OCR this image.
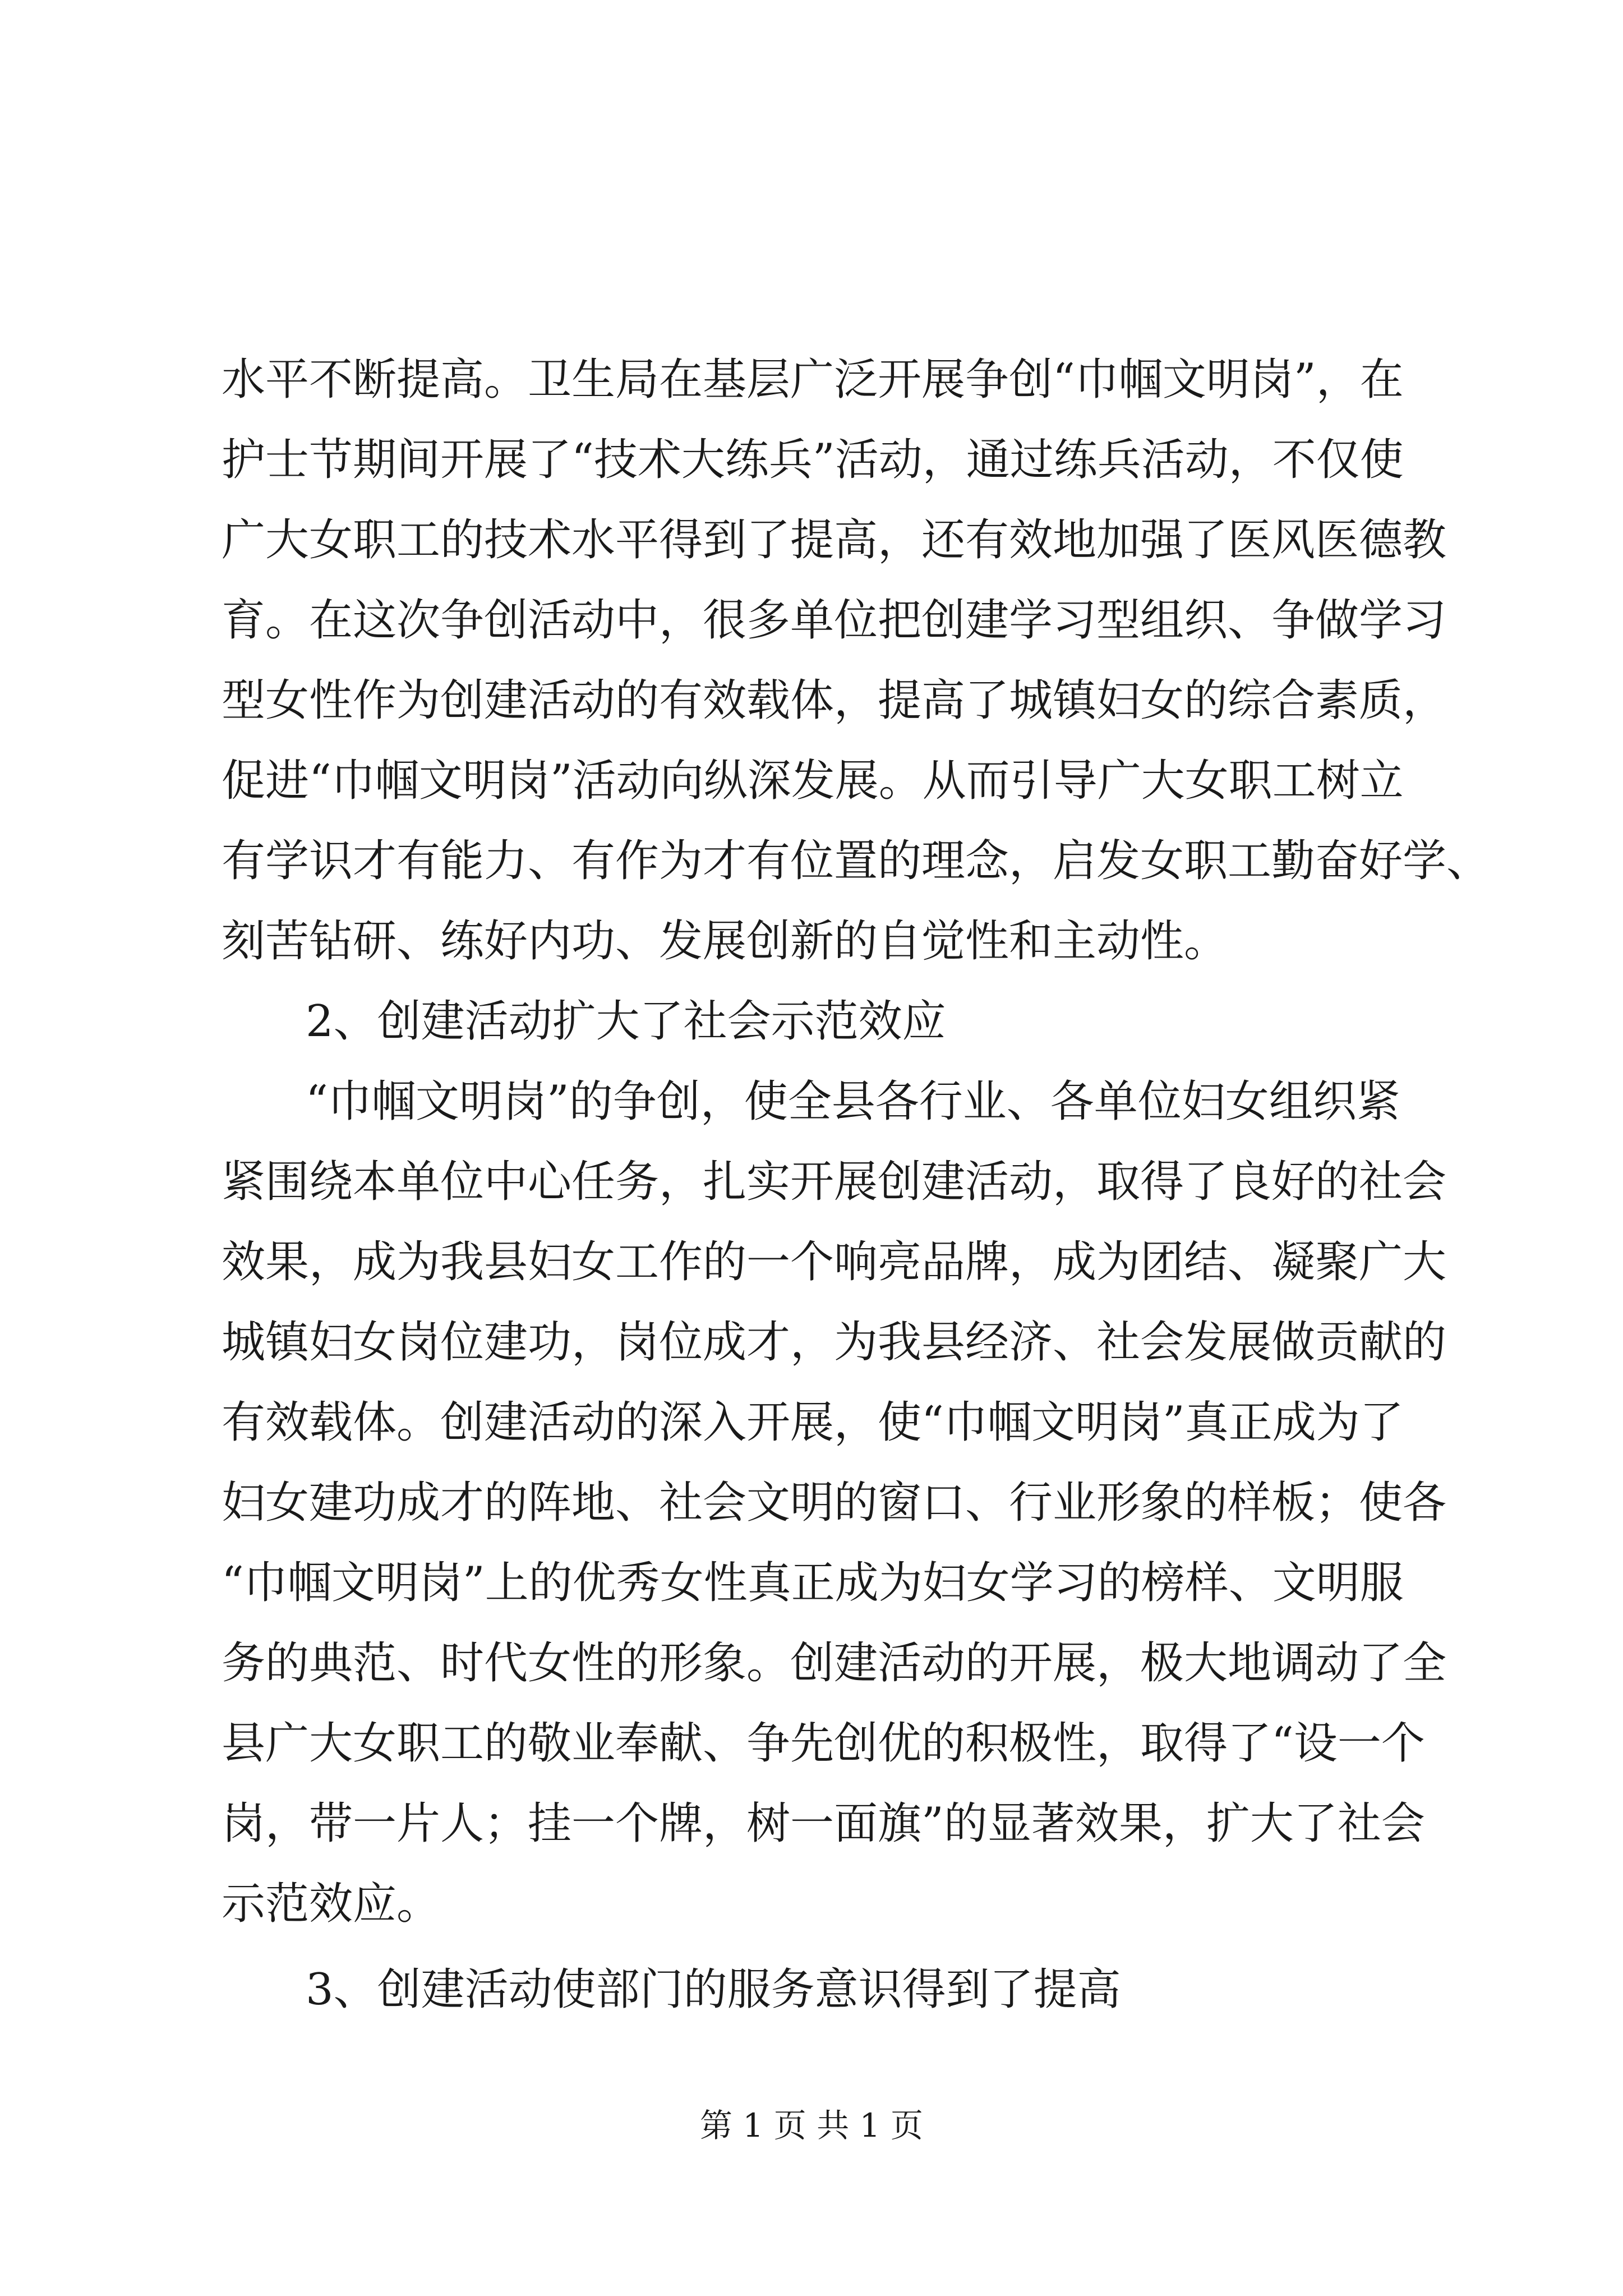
水平不断提高。卫生局在基层广泛开展争创“巾帼文明岗”，在

护士节期间开展了“技术大练兵”活动，通过练兵活动，不仅使

广大女职工的技术水平得到了提高，还有效地加强了医风医德教

育。在这次争创活动中，很多单位把创建学习型组织、争做学习

型女性作为创建活动的有效载体，提高了城镇妇女的综合素质，

促进“巾帼文明岗”活动向纵深发展。从而引导广大女职工树立

有学识才有能力、有作为才有位置的理念，启发女职工勤奋好学、

刻苦钻研、练好内功、发展创新的自觉性和主动性。

2、创建活动扩大了社会示范效应

“巾帼文明岗”的争创，使全县各行业、各单位妇女组织紧

紧围绕本单位中心任务，扎实开展创建活动，取得了良好的社会

效果，成为我县妇女工作的一个响亮品牌，成为团结、凝聚广大

城镇妇女岗位建功，岗位成才，为我县经济、社会发展做贡献的

有效载体。创建活动的深入开展，使“巾帼文明岗”真正成为了

妇女建功成才的阵地、社会文明的窗口、行业形象的样板；使各

“巾帼文明岗”上的优秀女性真正成为妇女学习的榜样、文明服

务的典范、时代女性的形象。创建活动的开展，极大地调动了全

县广大女职工的敬业奉献、争先创优的积极性，取得了“设一个

岗，带一片人；挂一个牌，树一面旗”的显著效果，扩大了社会

示范效应。

3、创建活动使部门的服务意识得到了提高

第 1 页 共 1 页
